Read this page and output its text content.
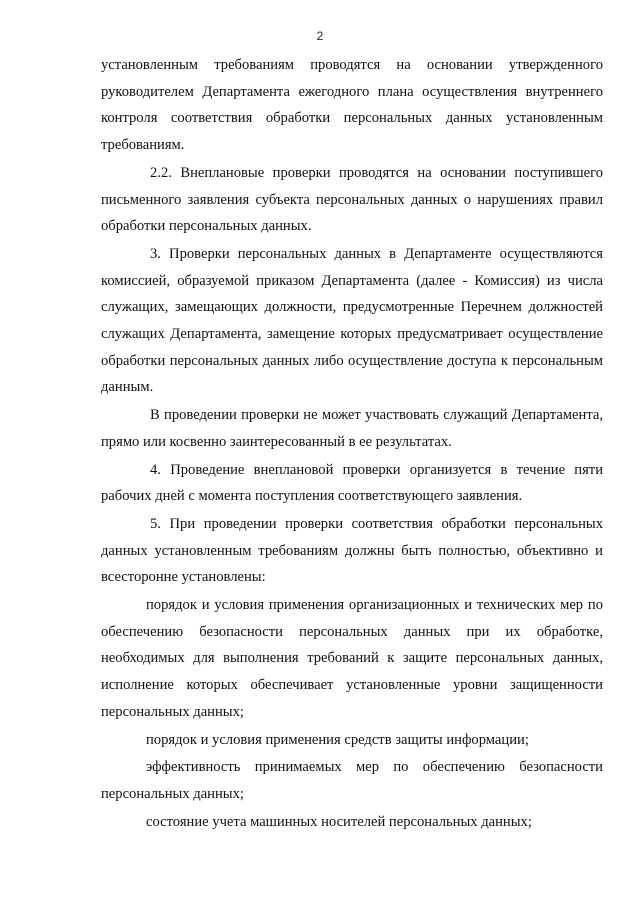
2

установленным требованиям проводятся на основании утвержденного руководителем Департамента ежегодного плана осуществления внутреннего контроля соответствия обработки персональных данных установленным требованиям.

2.2. Внеплановые проверки проводятся на основании поступившего письменного заявления субъекта персональных данных о нарушениях правил обработки персональных данных.

3. Проверки персональных данных в Департаменте осуществляются комиссией, образуемой приказом Департамента (далее - Комиссия) из числа служащих, замещающих должности, предусмотренные Перечнем должностей служащих Департамента, замещение которых предусматривает осуществление обработки персональных данных либо осуществление доступа к персональным данным.

В проведении проверки не может участвовать служащий Департамента, прямо или косвенно заинтересованный в ее результатах.

4. Проведение внеплановой проверки организуется в течение пяти рабочих дней с момента поступления соответствующего заявления.

5. При проведении проверки соответствия обработки персональных данных установленным требованиям должны быть полностью, объективно и всесторонне установлены:

порядок и условия применения организационных и технических мер по обеспечению безопасности персональных данных при их обработке, необходимых для выполнения требований к защите персональных данных, исполнение которых обеспечивает установленные уровни защищенности персональных данных;

порядок и условия применения средств защиты информации;

эффективность принимаемых мер по обеспечению безопасности персональных данных;

состояние учета машинных носителей персональных данных;
